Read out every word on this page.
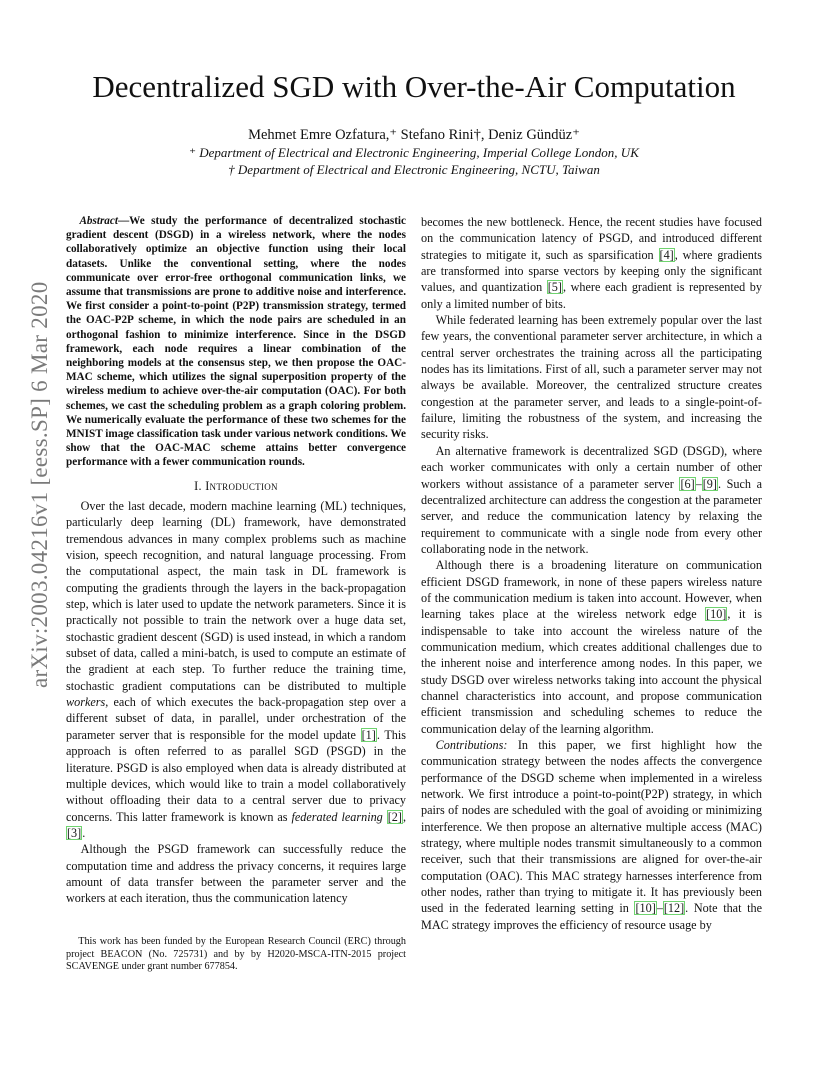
arXiv:2003.04216v1 [eess.SP] 6 Mar 2020
Decentralized SGD with Over-the-Air Computation
Mehmet Emre Ozfatura,⁺ Stefano Rini†, Deniz Gündüz⁺
⁺ Department of Electrical and Electronic Engineering, Imperial College London, UK
† Department of Electrical and Electronic Engineering, NCTU, Taiwan

Abstract—We study the performance of decentralized stochastic gradient descent (DSGD) in a wireless network, where the nodes collaboratively optimize an objective function using their local datasets. Unlike the conventional setting, where the nodes communicate over error-free orthogonal communication links, we assume that transmissions are prone to additive noise and interference. We first consider a point-to-point (P2P) transmission strategy, termed the OAC-P2P scheme, in which the node pairs are scheduled in an orthogonal fashion to minimize interference. Since in the DSGD framework, each node requires a linear combination of the neighboring models at the consensus step, we then propose the OAC-MAC scheme, which utilizes the signal superposition property of the wireless medium to achieve over-the-air computation (OAC). For both schemes, we cast the scheduling problem as a graph coloring problem. We numerically evaluate the performance of these two schemes for the MNIST image classification task under various network conditions. We show that the OAC-MAC scheme attains better convergence performance with a fewer communication rounds.

I. Introduction

Over the last decade, modern machine learning (ML) techniques, particularly deep learning (DL) framework, have demonstrated tremendous advances in many complex problems such as machine vision, speech recognition, and natural language processing. From the computational aspect, the main task in DL framework is computing the gradients through the layers in the back-propagation step, which is later used to update the network parameters. Since it is practically not possible to train the network over a huge data set, stochastic gradient descent (SGD) is used instead, in which a random subset of data, called a mini-batch, is used to compute an estimate of the gradient at each step. To further reduce the training time, stochastic gradient computations can be distributed to multiple workers, each of which executes the back-propagation step over a different subset of data, in parallel, under orchestration of the parameter server that is responsible for the model update [1]. This approach is often referred to as parallel SGD (PSGD) in the literature. PSGD is also employed when data is already distributed at multiple devices, which would like to train a model collaboratively without offloading their data to a central server due to privacy concerns. This latter framework is known as federated learning [2], [3].

Although the PSGD framework can successfully reduce the computation time and address the privacy concerns, it requires large amount of data transfer between the parameter server and the workers at each iteration, thus the communication latency

This work has been funded by the European Research Council (ERC) through project BEACON (No. 725731) and by by H2020-MSCA-ITN-2015 project SCAVENGE under grant number 677854.

becomes the new bottleneck. Hence, the recent studies have focused on the communication latency of PSGD, and introduced different strategies to mitigate it, such as sparsification [4], where gradients are transformed into sparse vectors by keeping only the significant values, and quantization [5], where each gradient is represented by only a limited number of bits.

While federated learning has been extremely popular over the last few years, the conventional parameter server architecture, in which a central server orchestrates the training across all the participating nodes has its limitations. First of all, such a parameter server may not always be available. Moreover, the centralized structure creates congestion at the parameter server, and leads to a single-point-of-failure, limiting the robustness of the system, and increasing the security risks.

An alternative framework is decentralized SGD (DSGD), where each worker communicates with only a certain number of other workers without assistance of a parameter server [6]–[9]. Such a decentralized architecture can address the congestion at the parameter server, and reduce the communication latency by relaxing the requirement to communicate with a single node from every other collaborating node in the network.

Although there is a broadening literature on communication efficient DSGD framework, in none of these papers wireless nature of the communication medium is taken into account. However, when learning takes place at the wireless network edge [10], it is indispensable to take into account the wireless nature of the communication medium, which creates additional challenges due to the inherent noise and interference among nodes. In this paper, we study DSGD over wireless networks taking into account the physical channel characteristics into account, and propose communication efficient transmission and scheduling schemes to reduce the communication delay of the learning algorithm.

Contributions: In this paper, we first highlight how the communication strategy between the nodes affects the convergence performance of the DSGD scheme when implemented in a wireless network. We first introduce a point-to-point(P2P) strategy, in which pairs of nodes are scheduled with the goal of avoiding or minimizing interference. We then propose an alternative multiple access (MAC) strategy, where multiple nodes transmit simultaneously to a common receiver, such that their transmissions are aligned for over-the-air computation (OAC). This MAC strategy harnesses interference from other nodes, rather than trying to mitigate it. It has previously been used in the federated learning setting in [10]–[12]. Note that the MAC strategy improves the efficiency of resource usage by
